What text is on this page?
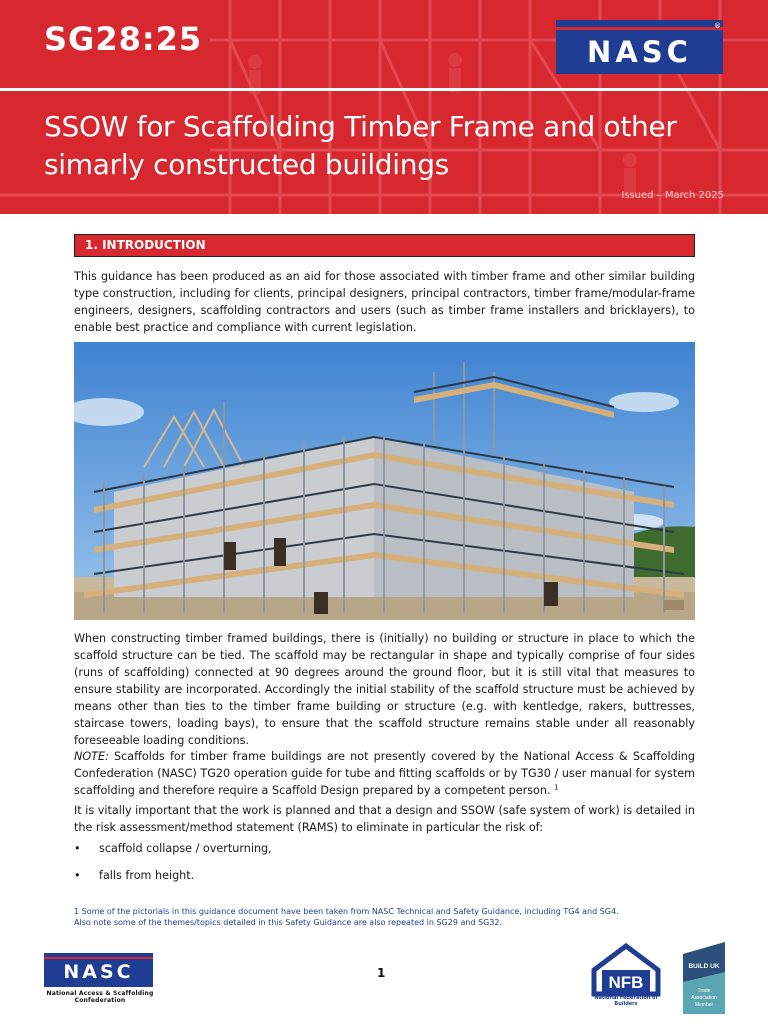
SG28:25	NASC
®
SSOW for Scaffolding Timber Frame and other simarly constructed buildings
Issued – March 2025
1. INTRODUCTION

This guidance has been produced as an aid for those associated with timber frame and other similar building type construction, including for clients, principal designers, principal contractors, timber frame/modular-frame engineers, designers, scaffolding contractors and users (such as timber frame installers and bricklayers), to enable best practice and compliance with current legislation.

When constructing timber framed buildings, there is (initially) no building or structure in place to which the scaffold structure can be tied. The scaffold may be rectangular in shape and typically comprise of four sides (runs of scaffolding) connected at 90 degrees around the ground floor, but it is still vital that measures to ensure stability are incorporated. Accordingly the initial stability of the scaffold structure must be achieved by means other than ties to the timber frame building or structure (e.g. with kentledge, rakers, buttresses, staircase towers, loading bays), to ensure that the scaffold structure remains stable under all reasonably foreseeable loading conditions.

NOTE: Scaffolds for timber frame buildings are not presently covered by the National Access & Scaffolding Confederation (NASC) TG20 operation guide for tube and fitting scaffolds or by TG30 / user manual for system scaffolding and therefore require a Scaffold Design prepared by a competent person. $^1$

It is vitally important that the work is planned and that a design and SSOW (safe system of work) is detailed in the risk assessment/method statement (RAMS) to eliminate in particular the risk of:

• scaffold collapse / overturning,
• falls from height.
1 Some of the pictorials in this guidance document have been taken from NASC Technical and Safety Guidance, including TG4 and SG4.
Also note some of the themes/topics detailed in this Safety Guidance are also repeated in SG29 and SG32.
NASC
National Access & Scaffolding
Confederation
1	NFB
National Federation of Builders
BUILD UK
Trade
Association
Member
